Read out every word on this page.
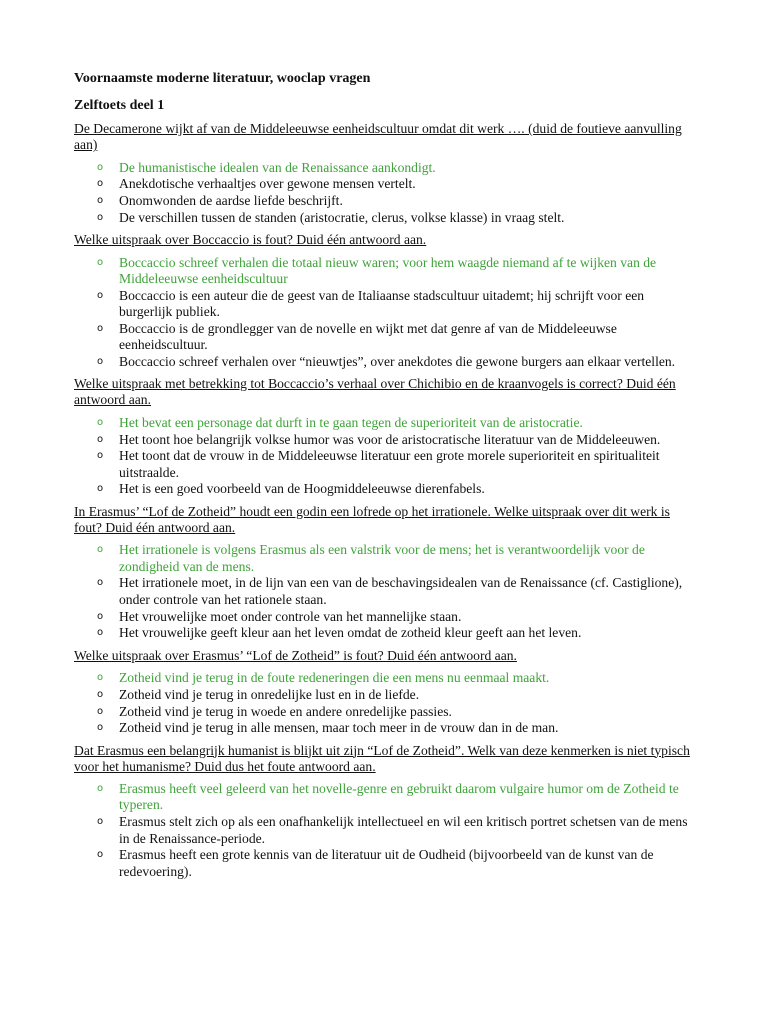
Voornaamste moderne literatuur, wooclap vragen
Zelftoets deel 1
De Decamerone wijkt af van de Middeleeuwse eenheidscultuur omdat dit werk …. (duid de foutieve aanvulling aan)
o De humanistische idealen van de Renaissance aankondigt.
o Anekdotische verhaaltjes over gewone mensen vertelt.
o Onomwonden de aardse liefde beschrijft.
o De verschillen tussen de standen (aristocratie, clerus, volkse klasse) in vraag stelt.
Welke uitspraak over Boccaccio is fout? Duid één antwoord aan.
o Boccaccio schreef verhalen die totaal nieuw waren; voor hem waagde niemand af te wijken van de Middeleeuwse eenheidscultuur
o Boccaccio is een auteur die de geest van de Italiaanse stadscultuur uitademt; hij schrijft voor een burgerlijk publiek.
o Boccaccio is de grondlegger van de novelle en wijkt met dat genre af van de Middeleeuwse eenheidscultuur.
o Boccaccio schreef verhalen over “nieuwtjes”, over anekdotes die gewone burgers aan elkaar vertellen.
Welke uitspraak met betrekking tot Boccaccio’s verhaal over Chichibio en de kraanvogels is correct? Duid één antwoord aan.
o Het bevat een personage dat durft in te gaan tegen de superioriteit van de aristocratie.
o Het toont hoe belangrijk volkse humor was voor de aristocratische literatuur van de Middeleeuwen.
o Het toont dat de vrouw in de Middeleeuwse literatuur een grote morele superioriteit en spiritualiteit uitstraalde.
o Het is een goed voorbeeld van de Hoogmiddeleeuwse dierenfabels.
In Erasmus’ “Lof de Zotheid” houdt een godin een lofrede op het irrationele. Welke uitspraak over dit werk is fout? Duid één antwoord aan.
o Het irrationele is volgens Erasmus als een valstrik voor de mens; het is verantwoordelijk voor de zondigheid van de mens.
o Het irrationele moet, in de lijn van een van de beschavingsidealen van de Renaissance (cf. Castiglione), onder controle van het rationele staan.
o Het vrouwelijke moet onder controle van het mannelijke staan.
o Het vrouwelijke geeft kleur aan het leven omdat de zotheid kleur geeft aan het leven.
Welke uitspraak over Erasmus’ “Lof de Zotheid” is fout? Duid één antwoord aan.
o Zotheid vind je terug in de foute redeneringen die een mens nu eenmaal maakt.
o Zotheid vind je terug in onredelijke lust en in de liefde.
o Zotheid vind je terug in woede en andere onredelijke passies.
o Zotheid vind je terug in alle mensen, maar toch meer in de vrouw dan in de man.
Dat Erasmus een belangrijk humanist is blijkt uit zijn “Lof de Zotheid”. Welk van deze kenmerken is niet typisch voor het humanisme? Duid dus het foute antwoord aan.
o Erasmus heeft veel geleerd van het novelle-genre en gebruikt daarom vulgaire humor om de Zotheid te typeren.
o Erasmus stelt zich op als een onafhankelijk intellectueel en wil een kritisch portret schetsen van de mens in de Renaissance-periode.
o Erasmus heeft een grote kennis van de literatuur uit de Oudheid (bijvoorbeeld van de kunst van de redevoering).
